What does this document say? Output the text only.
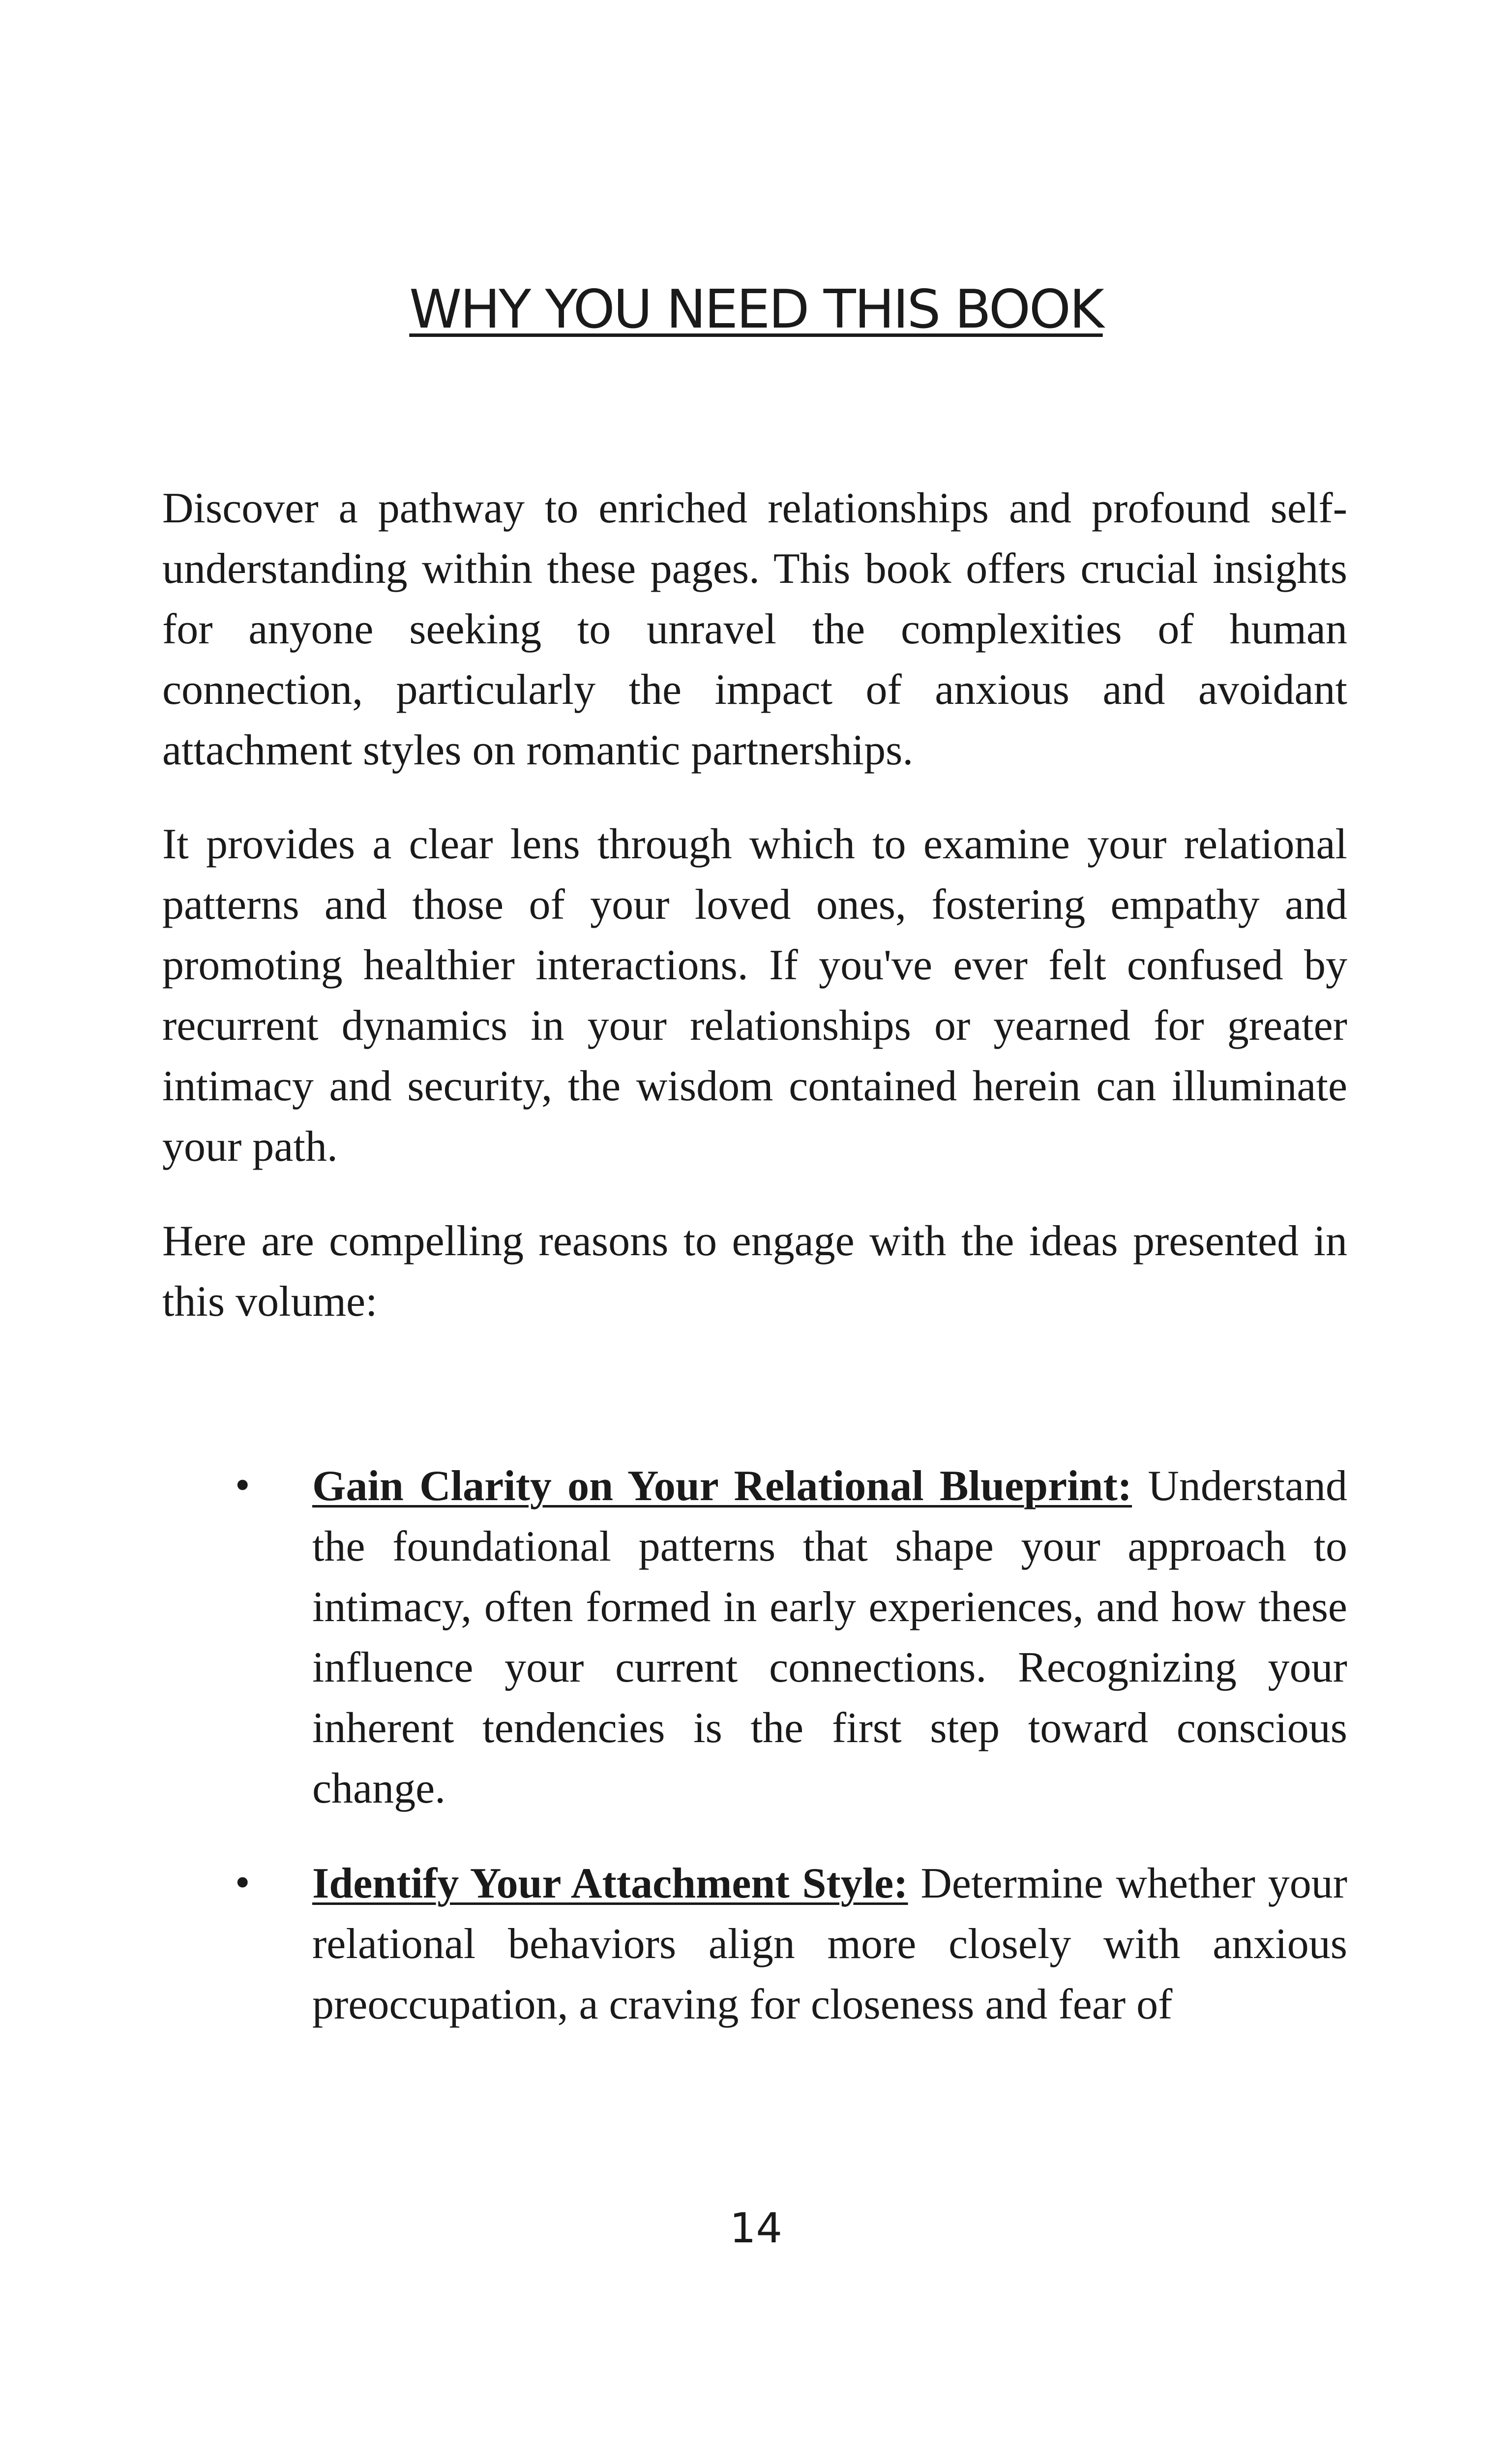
WHY YOU NEED THIS BOOK

Discover a pathway to enriched relationships and profound self-understanding within these pages. This book offers crucial insights for anyone seeking to unravel the complexities of human connection, particularly the impact of anxious and avoidant attachment styles on romantic partnerships.

It provides a clear lens through which to examine your relational patterns and those of your loved ones, fostering empathy and promoting healthier interactions. If you've ever felt confused by recurrent dynamics in your relationships or yearned for greater intimacy and security, the wisdom contained herein can illuminate your path.

Here are compelling reasons to engage with the ideas presented in this volume:

• Gain Clarity on Your Relational Blueprint: Understand the foundational patterns that shape your approach to intimacy, often formed in early experiences, and how these influence your current connections. Recognizing your inherent tendencies is the first step toward conscious change.
• Identify Your Attachment Style: Determine whether your relational behaviors align more closely with anxious preoccupation, a craving for closeness and fear of
14
